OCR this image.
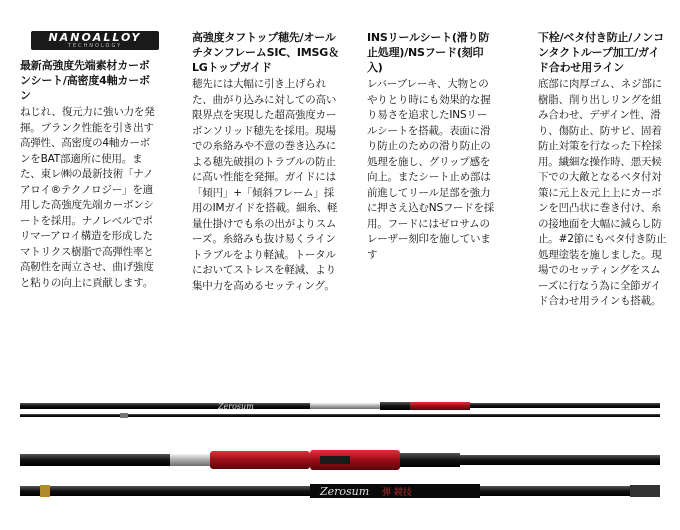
NANOALLOY
TECHNOLOGY
最新高強度先端素材カーボンシート/高密度4軸カーボン
ねじれ、復元力に強い力を発揮。ブランク性能を引き出す高弾性、高密度の4軸カーボンをBAT部適所に使用。また、東レ㈱の最新技術「ナノアロイ®テクノロジー」を適用した高強度先端カーボンシートを採用。ナノレベルでポリマーアロイ構造を形成したマトリクス樹脂で高弾性率と高靭性を両立させ、曲げ強度と粘りの向上に貢献します。
高強度タフトップ穂先/オールチタンフレームSIC、IMSG＆LGトップガイド
穂先には大幅に引き上げられた、曲がり込みに対しての高い限界点を実現した超高強度カーボンソリッド穂先を採用。現場での糸絡みや不意の巻き込みによる穂先破損のトラブルの防止に高い性能を発揮。ガイドには「傾円」+「傾斜フレーム」採用のIMガイドを搭載。細糸、軽量仕掛けでも糸の出がよりスムーズ。糸絡みも抜け易くライントラブルをより軽減。トータルにおいてストレスを軽減、より集中力を高めるセッティング。
INSリールシート(滑り防止処理)/NSフード(刻印入)
レバーブレーキ、大物とのやりとり時にも効果的な握り易さを追求したINSリールシートを搭載。表面に滑り防止のための滑り防止の処理を施し、グリップ感を向上。またシート止め部は前進してリール足部を強力に押さえ込むNSフードを採用。フードにはゼロサムのレーザー刻印を施しています
下栓/ベタ付き防止/ノンコンタクトループ加工/ガイド合わせ用ライン
底部に肉厚ゴム、ネジ部に樹脂、削り出しリングを組み合わせ、デザイン性、滑り、傷防止、防サビ、固着防止対策を行なった下栓採用。繊細な操作時、悪天候下での大敵となるベタ付対策に元上＆元上上にカーボンを凹凸状に巻き付け、糸の接地面を大幅に減らし防止。#2節にもベタ付き防止処理塗装を施しました。現場でのセッティングをスムーズに行なう為に全節ガイド合わせ用ラインも搭載。
Zerosum
Zerosum 弾 競技
